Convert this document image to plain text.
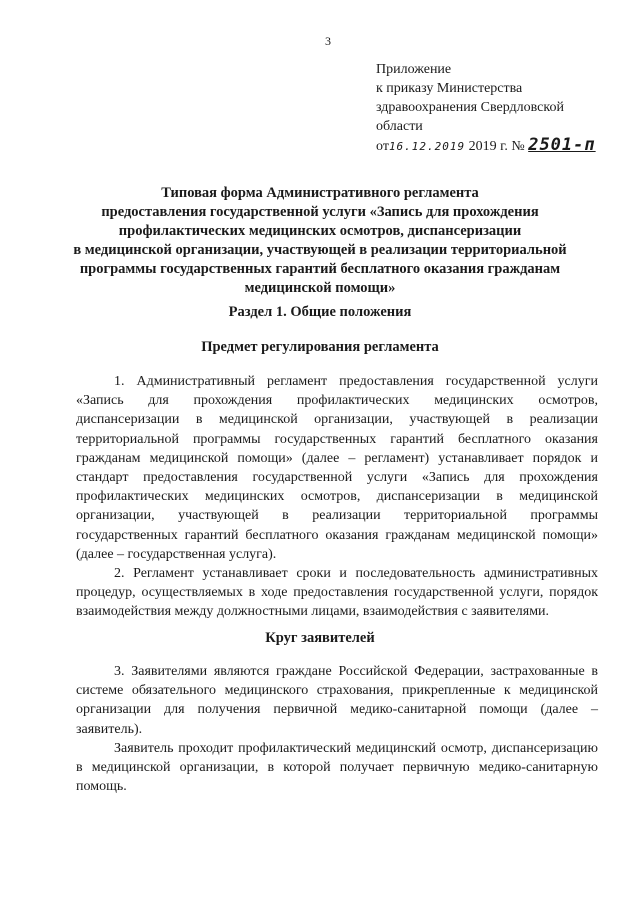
3
Приложение
к приказу Министерства
здравоохранения Свердловской
области
от16.12.2019 2019 г. № 2501-п
Типовая форма Административного регламента
предоставления государственной услуги «Запись для прохождения
профилактических медицинских осмотров, диспансеризации
в медицинской организации, участвующей в реализации территориальной
программы государственных гарантий бесплатного оказания гражданам
медицинской помощи»
Раздел 1. Общие положения
Предмет регулирования регламента
1. Административный регламент предоставления государственной услуги «Запись для прохождения профилактических медицинских осмотров, диспансеризации в медицинской организации, участвующей в реализации территориальной программы государственных гарантий бесплатного оказания гражданам медицинской помощи» (далее – регламент) устанавливает порядок и стандарт предоставления государственной услуги «Запись для прохождения профилактических медицинских осмотров, диспансеризации в медицинской организации, участвующей в реализации территориальной программы государственных гарантий бесплатного оказания гражданам медицинской помощи» (далее – государственная услуга).
2. Регламент устанавливает сроки и последовательность административных процедур, осуществляемых в ходе предоставления государственной услуги, порядок взаимодействия между должностными лицами, взаимодействия с заявителями.
Круг заявителей
3. Заявителями являются граждане Российской Федерации, застрахованные в системе обязательного медицинского страхования, прикрепленные к медицинской организации для получения первичной медико-санитарной помощи (далее – заявитель).
Заявитель проходит профилактический медицинский осмотр, диспансеризацию в медицинской организации, в которой получает первичную медико-санитарную помощь.
